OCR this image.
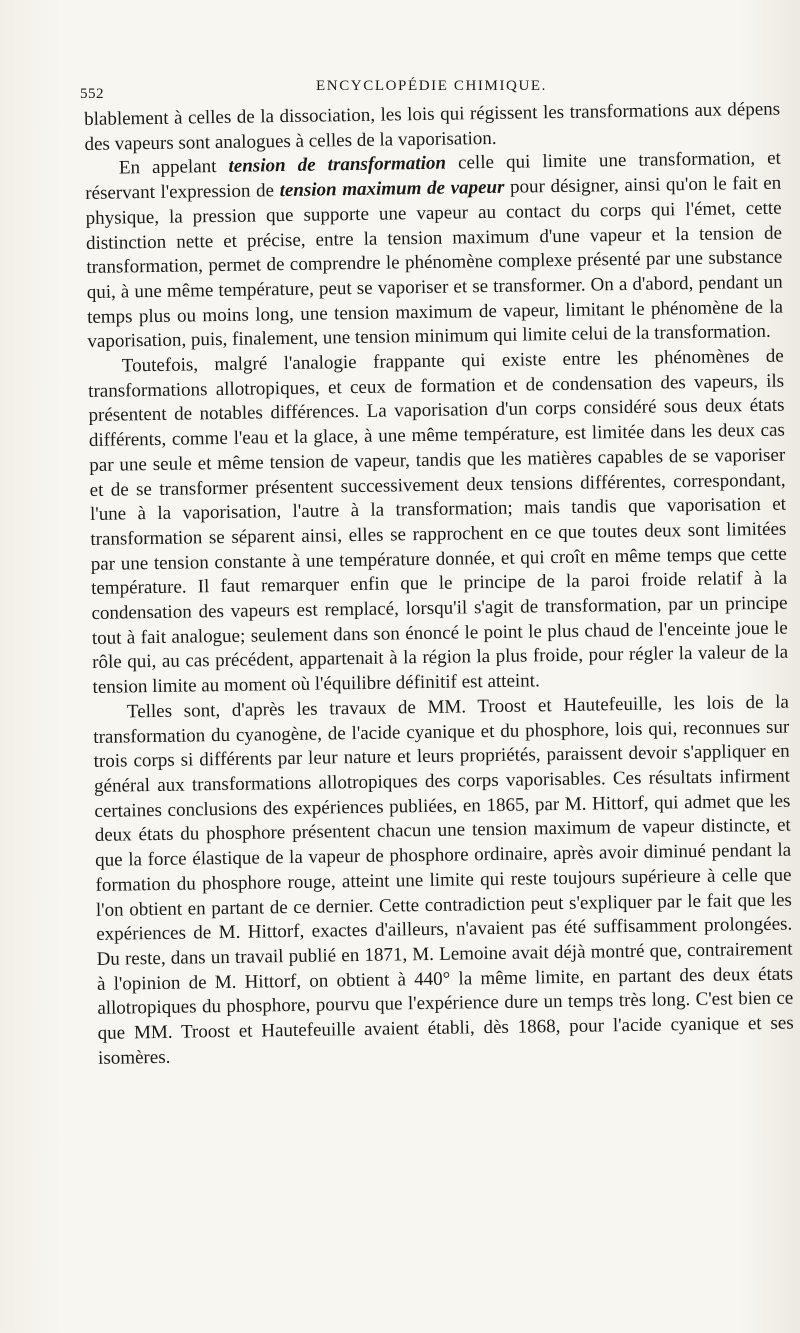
552	ENCYCLOPÉDIE CHIMIQUE.

blablement à celles de la dissociation, les lois qui régissent les transformations aux dépens des vapeurs sont analogues à celles de la vaporisation.

En appelant tension de transformation celle qui limite une transformation, et réservant l'expression de tension maximum de vapeur pour désigner, ainsi qu'on le fait en physique, la pression que supporte une vapeur au contact du corps qui l'émet, cette distinction nette et précise, entre la tension maximum d'une vapeur et la tension de transformation, permet de comprendre le phénomène complexe présenté par une substance qui, à une même température, peut se vaporiser et se transformer. On a d'abord, pendant un temps plus ou moins long, une tension maximum de vapeur, limitant le phénomène de la vaporisation, puis, finalement, une tension minimum qui limite celui de la transformation.

Toutefois, malgré l'analogie frappante qui existe entre les phénomènes de transformations allotropiques, et ceux de formation et de condensation des vapeurs, ils présentent de notables différences. La vaporisation d'un corps considéré sous deux états différents, comme l'eau et la glace, à une même température, est limitée dans les deux cas par une seule et même tension de vapeur, tandis que les matières capables de se vaporiser et de se transformer présentent successivement deux tensions différentes, correspondant, l'une à la vaporisation, l'autre à la transformation; mais tandis que vaporisation et transformation se séparent ainsi, elles se rapprochent en ce que toutes deux sont limitées par une tension constante à une température donnée, et qui croît en même temps que cette température. Il faut remarquer enfin que le principe de la paroi froide relatif à la condensation des vapeurs est remplacé, lorsqu'il s'agit de transformation, par un principe tout à fait analogue; seulement dans son énoncé le point le plus chaud de l'enceinte joue le rôle qui, au cas précédent, appartenait à la région la plus froide, pour régler la valeur de la tension limite au moment où l'équilibre définitif est atteint.

Telles sont, d'après les travaux de MM. Troost et Hautefeuille, les lois de la transformation du cyanogène, de l'acide cyanique et du phosphore, lois qui, reconnues sur trois corps si différents par leur nature et leurs propriétés, paraissent devoir s'appliquer en général aux transformations allotropiques des corps vaporisables. Ces résultats infirment certaines conclusions des expériences publiées, en 1865, par M. Hittorf, qui admet que les deux états du phosphore présentent chacun une tension maximum de vapeur distincte, et que la force élastique de la vapeur de phosphore ordinaire, après avoir diminué pendant la formation du phosphore rouge, atteint une limite qui reste toujours supérieure à celle que l'on obtient en partant de ce dernier. Cette contradiction peut s'expliquer par le fait que les expériences de M. Hittorf, exactes d'ailleurs, n'avaient pas été suffisamment prolongées. Du reste, dans un travail publié en 1871, M. Lemoine avait déjà montré que, contrairement à l'opinion de M. Hittorf, on obtient à 440° la même limite, en partant des deux états allotropiques du phosphore, pourvu que l'expérience dure un temps très long. C'est bien ce que MM. Troost et Hautefeuille avaient établi, dès 1868, pour l'acide cyanique et ses isomères.
